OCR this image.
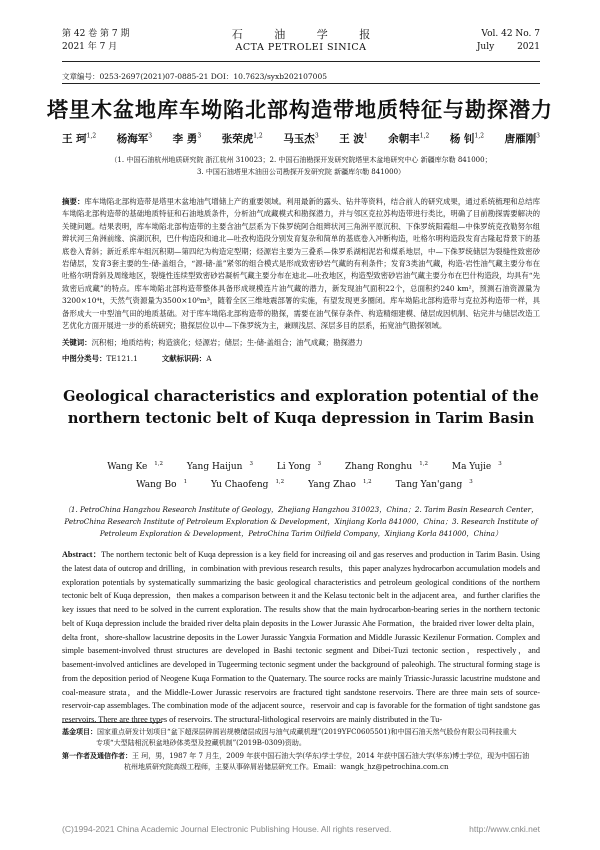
第 42 卷 第 7 期
2021 年 7 月
石 油 学 报
ACTA PETROLEI SINICA
Vol. 42 No. 7
July        2021
文章编号：0253-2697(2021)07-0885-21 DOI：10.7623/syxb202107005
塔里木盆地库车坳陷北部构造带地质特征与勘探潜力
王 珂$^{1,2}$ 杨海军$^3$ 李 勇$^3$ 张荣虎$^{1,2}$ 马玉杰$^3$ 王 波$^1$ 余朝丰$^{1,2}$ 杨 钊$^{1,2}$ 唐雁刚$^3$
（1. 中国石油杭州地质研究院 浙江杭州 310023；2. 中国石油勘探开发研究院塔里木盆地研究中心 新疆库尔勒 841000；
3. 中国石油塔里木油田公司勘探开发研究院 新疆库尔勒 841000）
摘要：库车坳陷北部构造带是塔里木盆地油气增储上产的重要领域。利用最新的露头、钻井等资料，结合前人的研究成果，通过系统梳理和总结库车坳陷北部构造带的基础地质特征和石油地质条件，分析油气成藏模式和勘探潜力，并与邻区克拉苏构造带进行类比，明确了目前勘探需要解决的关键问题。结果表明，库车坳陷北部构造带的主要含油气层系为下侏罗统阿合组辫状河三角洲平原沉积、下侏罗统阳霞组—中侏罗统克孜勒努尔组辫状河三角洲前缘、滨湖沉积，巴什构造段和迪北—吐孜构造段分别发育复杂和简单的基底卷入冲断构造，吐格尔明构造段发育古隆起背景下的基底卷入背斜；新近系库车组沉积期—第四纪为构造定型期；烃源岩主要为三叠系—侏罗系湖相泥岩和煤系地层，中—下侏罗统储层为裂缝性致密砂岩储层，发育3套主要的生-储-盖组合，“源-储-盖”紧邻的组合模式是形成致密砂岩气藏的有利条件；发育3类油气藏，构造-岩性油气藏主要分布在吐格尔明背斜及周缘地区，裂缝性连续型致密砂岩凝析气藏主要分布在迪北—吐孜地区，构造型致密砂岩油气藏主要分布在巴什构造段，均具有“先致密后成藏”的特点。库车坳陷北部构造带整体具备形成规模连片油气藏的潜力，新发现油气面积22个，总面积约240 km²，预测石油资源量为3200×10⁴t，天然气资源量为3500×10⁸m³，随着全区三维地震部署的实施，有望发现更多圈闭。库车坳陷北部构造带与克拉苏构造带一样，具备形成大一中型油气田的地质基础。对于库车坳陷北部构造带的勘探，需要在油气保存条件、构造精细建模、储层成因机制、钻完井与储层改造工艺优化方面开展进一步的系统研究；勘探层位以中—下侏罗统为主，兼顾浅层、深层多目的层系，拓宽油气勘探领域。
关键词：沉积相；地质结构；构造演化；烃源岩；储层；生-储-盖组合；油气成藏；勘探潜力
中图分类号：TE121.1	文献标识码：A
Geological characteristics and exploration potential of the northern tectonic belt of Kuqa depression in Tarim Basin
Wang Ke $^{1,2}$	Yang Haijun $^3$	Li Yong $^3$	Zhang Ronghu $^{1,2}$	Ma Yujie $^3$
Wang Bo $^1$	Yu Chaofeng $^{1,2}$	Yang Zhao $^{1,2}$	Tang Yan'gang $^3$
（1. PetroChina Hangzhou Research Institute of Geology，Zhejiang Hangzhou 310023，China；2. Tarim Basin Research Center，PetroChina Research Institute of Petroleum Exploration & Development，Xinjiang Korla 841000，China；3. Research Institute of Petroleum Exploration & Development，PetroChina Tarim Oilfield Company，Xinjiang Korla 841000，China）
Abstract：The northern tectonic belt of Kuqa depression is a key field for increasing oil and gas reserves and production in Tarim Basin. Using the latest data of outcrop and drilling，in combination with previous research results，this paper analyzes hydrocarbon accumulation models and exploration potentials by systematically summarizing the basic geological characteristics and petroleum geological conditions of the northern tectonic belt of Kuqa depression，then makes a comparison between it and the Kelasu tectonic belt in the adjacent area，and further clarifies the key issues that need to be solved in the current exploration. The results show that the main hydrocarbon-bearing series in the northern tectonic belt of Kuqa depression include the braided river delta plain deposits in the Lower Jurassic Ahe Formation，the braided river lower delta plain，delta front，shore-shallow lacustrine deposits in the Lower Jurassic Yangxia Formation and Middle Jurassic Kezilenur Formation. Complex and simple basement-involved thrust structures are developed in Bashi tectonic segment and Dibei-Tuzi tectonic section，respectively，and basement-involved anticlines are developed in Tugeerming tectonic segment under the background of paleohigh. The structural forming stage is from the deposition period of Neogene Kuqa Formation to the Quaternary. The source rocks are mainly Triassic-Jurassic lacustrine mudstone and coal-measure strata，and the Middle-Lower Jurassic reservoirs are fractured tight sandstone reservoirs. There are three main sets of source-reservoir-cap assemblages. The combination mode of the adjacent source，reservoir and cap is favorable for the formation of tight sandstone gas reservoirs. There are three types of reservoirs. The structural-lithological reservoirs are mainly distributed in the Tu-
基金项目：国家重点研发计划项目“盆下超深层碎屑岩规模储层成因与油气成藏机理”(2019YFC0605501)和中国石油天然气股份有限公司科技重大
专项“大型陆相沉积盆地砂体类型及控藏机制”(2019B-0309)资助。
第一作者及通信作者：王 珂，男，1987 年 7 月生，2009 年获中国石油大学(华东)学士学位，2014 年获中国石油大学(华东)博士学位，现为中国石油
杭州地质研究院高级工程师，主要从事碎屑岩储层研究工作。Email：wangk_hz@petrochina.com.cn
(C)1994-2021 China Academic Journal Electronic Publishing House. All rights reserved.	http://www.cnki.net
